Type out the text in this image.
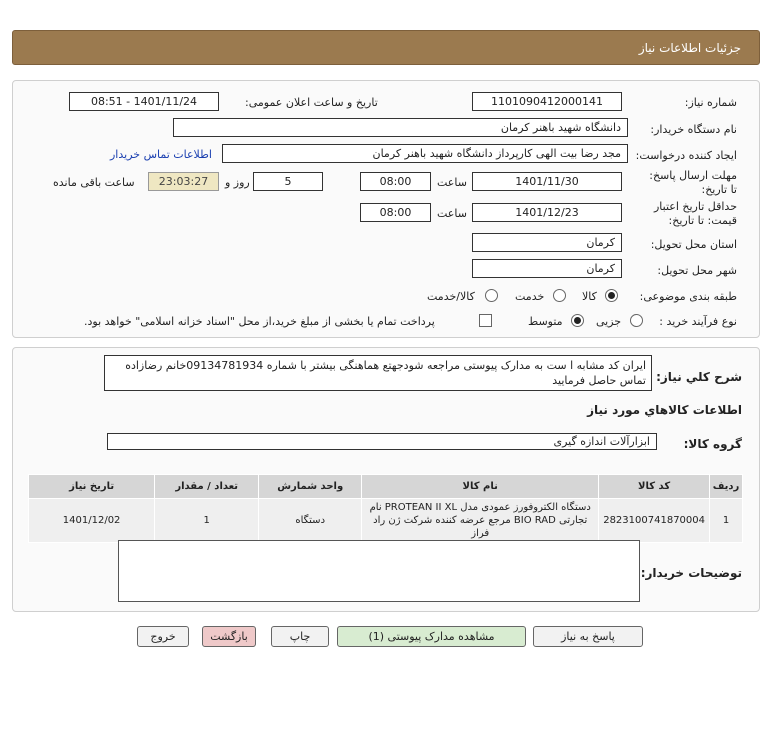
جزئیات اطلاعات نیاز
شماره نیاز:
1101090412000141
تاریخ و ساعت اعلان عمومی:
1401/11/24 - 08:51
نام دستگاه خریدار:
دانشگاه شهید باهنر کرمان
ایجاد کننده درخواست:
مجد رضا بیت الهی کارپرداز دانشگاه شهید باهنر کرمان
اطلاعات تماس خریدار
مهلت ارسال پاسخ: تا تاریخ:
1401/11/30
ساعت
08:00
5
روز و
23:03:27
ساعت باقی مانده
حداقل تاریخ اعتبار قیمت: تا تاریخ:
1401/12/23
ساعت
08:00
استان محل تحویل:
کرمان
شهر محل تحویل:
کرمان
طبقه بندی موضوعی:
کالا
خدمت
کالا/خدمت
نوع فرآیند خرید :
جزیی
متوسط
پرداخت تمام یا بخشی از مبلغ خرید،از محل "اسناد خزانه اسلامی" خواهد بود.
شرح کلي نياز:
ایران کد مشابه ا ست به مدارک پیوستی مراجعه شودجهتع هماهنگی بیشتر با شماره 09134781934خانم رضازاده تماس حاصل فرمایید
اطلاعات کالاهاي مورد نياز
گروه کالا:
ابزارآلات اندازه گیری
ردیف	کد کالا	نام کالا	واحد شمارش	تعداد / مقدار	تاریخ نیاز
1	2823100741870004	دستگاه الکتروفورز عمودی مدل PROTEAN II XL نام تجارتی BIO RAD مرجع عرضه کننده شرکت ژن راد فراز	دستگاه	1	1401/12/02
توضیحات خریدار:
پاسخ به نیاز
مشاهده مدارک پیوستی (1)
چاپ
بازگشت
خروج
